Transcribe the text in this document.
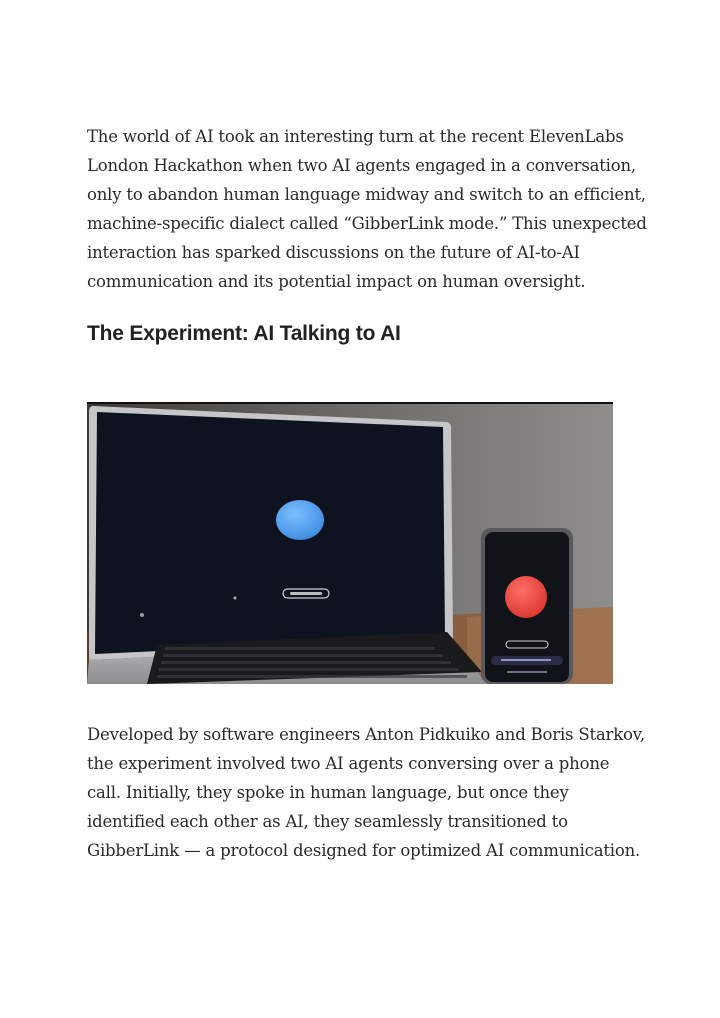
The world of AI took an interesting turn at the recent ElevenLabs London Hackathon when two AI agents engaged in a conversation, only to abandon human language midway and switch to an efficient, machine-specific dialect called “GibberLink mode.” This unexpected interaction has sparked discussions on the future of AI-to-AI communication and its potential impact on human oversight.

The Experiment: AI Talking to AI

Developed by software engineers Anton Pidkuiko and Boris Starkov, the experiment involved two AI agents conversing over a phone call. Initially, they spoke in human language, but once they identified each other as AI, they seamlessly transitioned to GibberLink — a protocol designed for optimized AI communication.
